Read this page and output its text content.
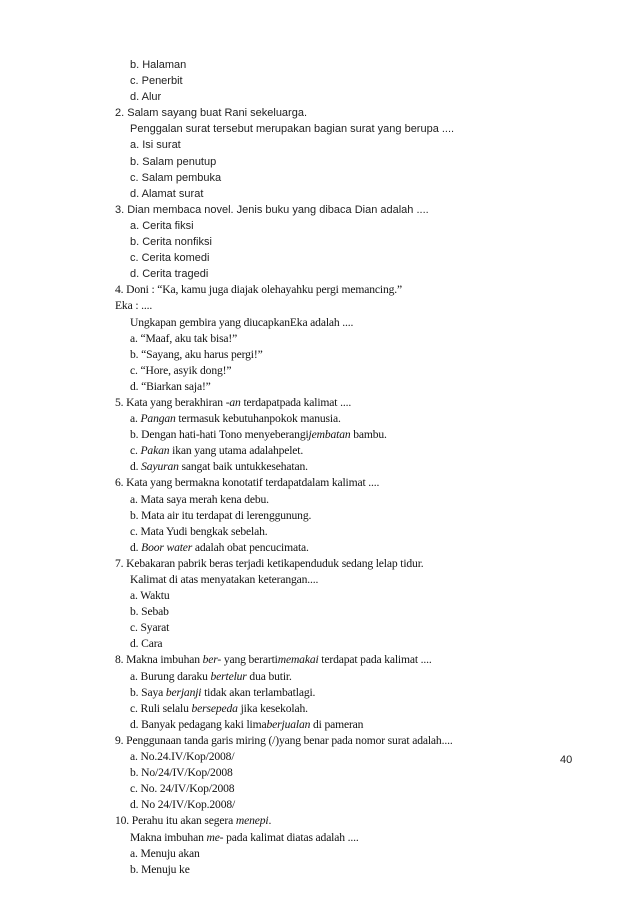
b. Halaman
c. Penerbit
d. Alur
2. Salam sayang buat Rani sekeluarga.
Penggalan surat tersebut merupakan bagian surat yang berupa ....
a. Isi surat
b. Salam penutup
c. Salam pembuka
d. Alamat surat
3. Dian membaca novel. Jenis buku yang dibaca Dian adalah ....
a. Cerita fiksi
b. Cerita nonfiksi
c. Cerita komedi
d. Cerita tragedi
4. Doni : “Ka, kamu juga diajak olehayahku pergi memancing.”
Eka : ....
Ungkapan gembira yang diucapkanEka adalah ....
a. “Maaf, aku tak bisa!”
b. “Sayang, aku harus pergi!”
c. “Hore, asyik dong!”
d. “Biarkan saja!”
5. Kata yang berakhiran -an terdapatpada kalimat ....
a. Pangan termasuk kebutuhanpokok manusia.
b. Dengan hati-hati Tono menyeberangijembatan bambu.
c. Pakan ikan yang utama adalahpelet.
d. Sayuran sangat baik untukkesehatan.
6. Kata yang bermakna konotatif terdapatdalam kalimat ....
a. Mata saya merah kena debu.
b. Mata air itu terdapat di lerenggunung.
c. Mata Yudi bengkak sebelah.
d. Boor water adalah obat pencucimata.
7. Kebakaran pabrik beras terjadi ketikapenduduk sedang lelap tidur.
Kalimat di atas menyatakan keterangan....
a. Waktu
b. Sebab
c. Syarat
d. Cara
8. Makna imbuhan ber- yang berartimemakai terdapat pada kalimat ....
a. Burung daraku bertelur dua butir.
b. Saya berjanji tidak akan terlambatlagi.
c. Ruli selalu bersepeda jika kesekolah.
d. Banyak pedagang kaki limaberjualan di pameran
9. Penggunaan tanda garis miring (/)yang benar pada nomor surat adalah....
a. No.24.IV/Kop/2008/
b. No/24/IV/Kop/2008
c. No. 24/IV/Kop/2008
d. No 24/IV/Kop.2008/
10. Perahu itu akan segera menepi.
Makna imbuhan me- pada kalimat diatas adalah ....
a. Menuju akan
b. Menuju ke
40
